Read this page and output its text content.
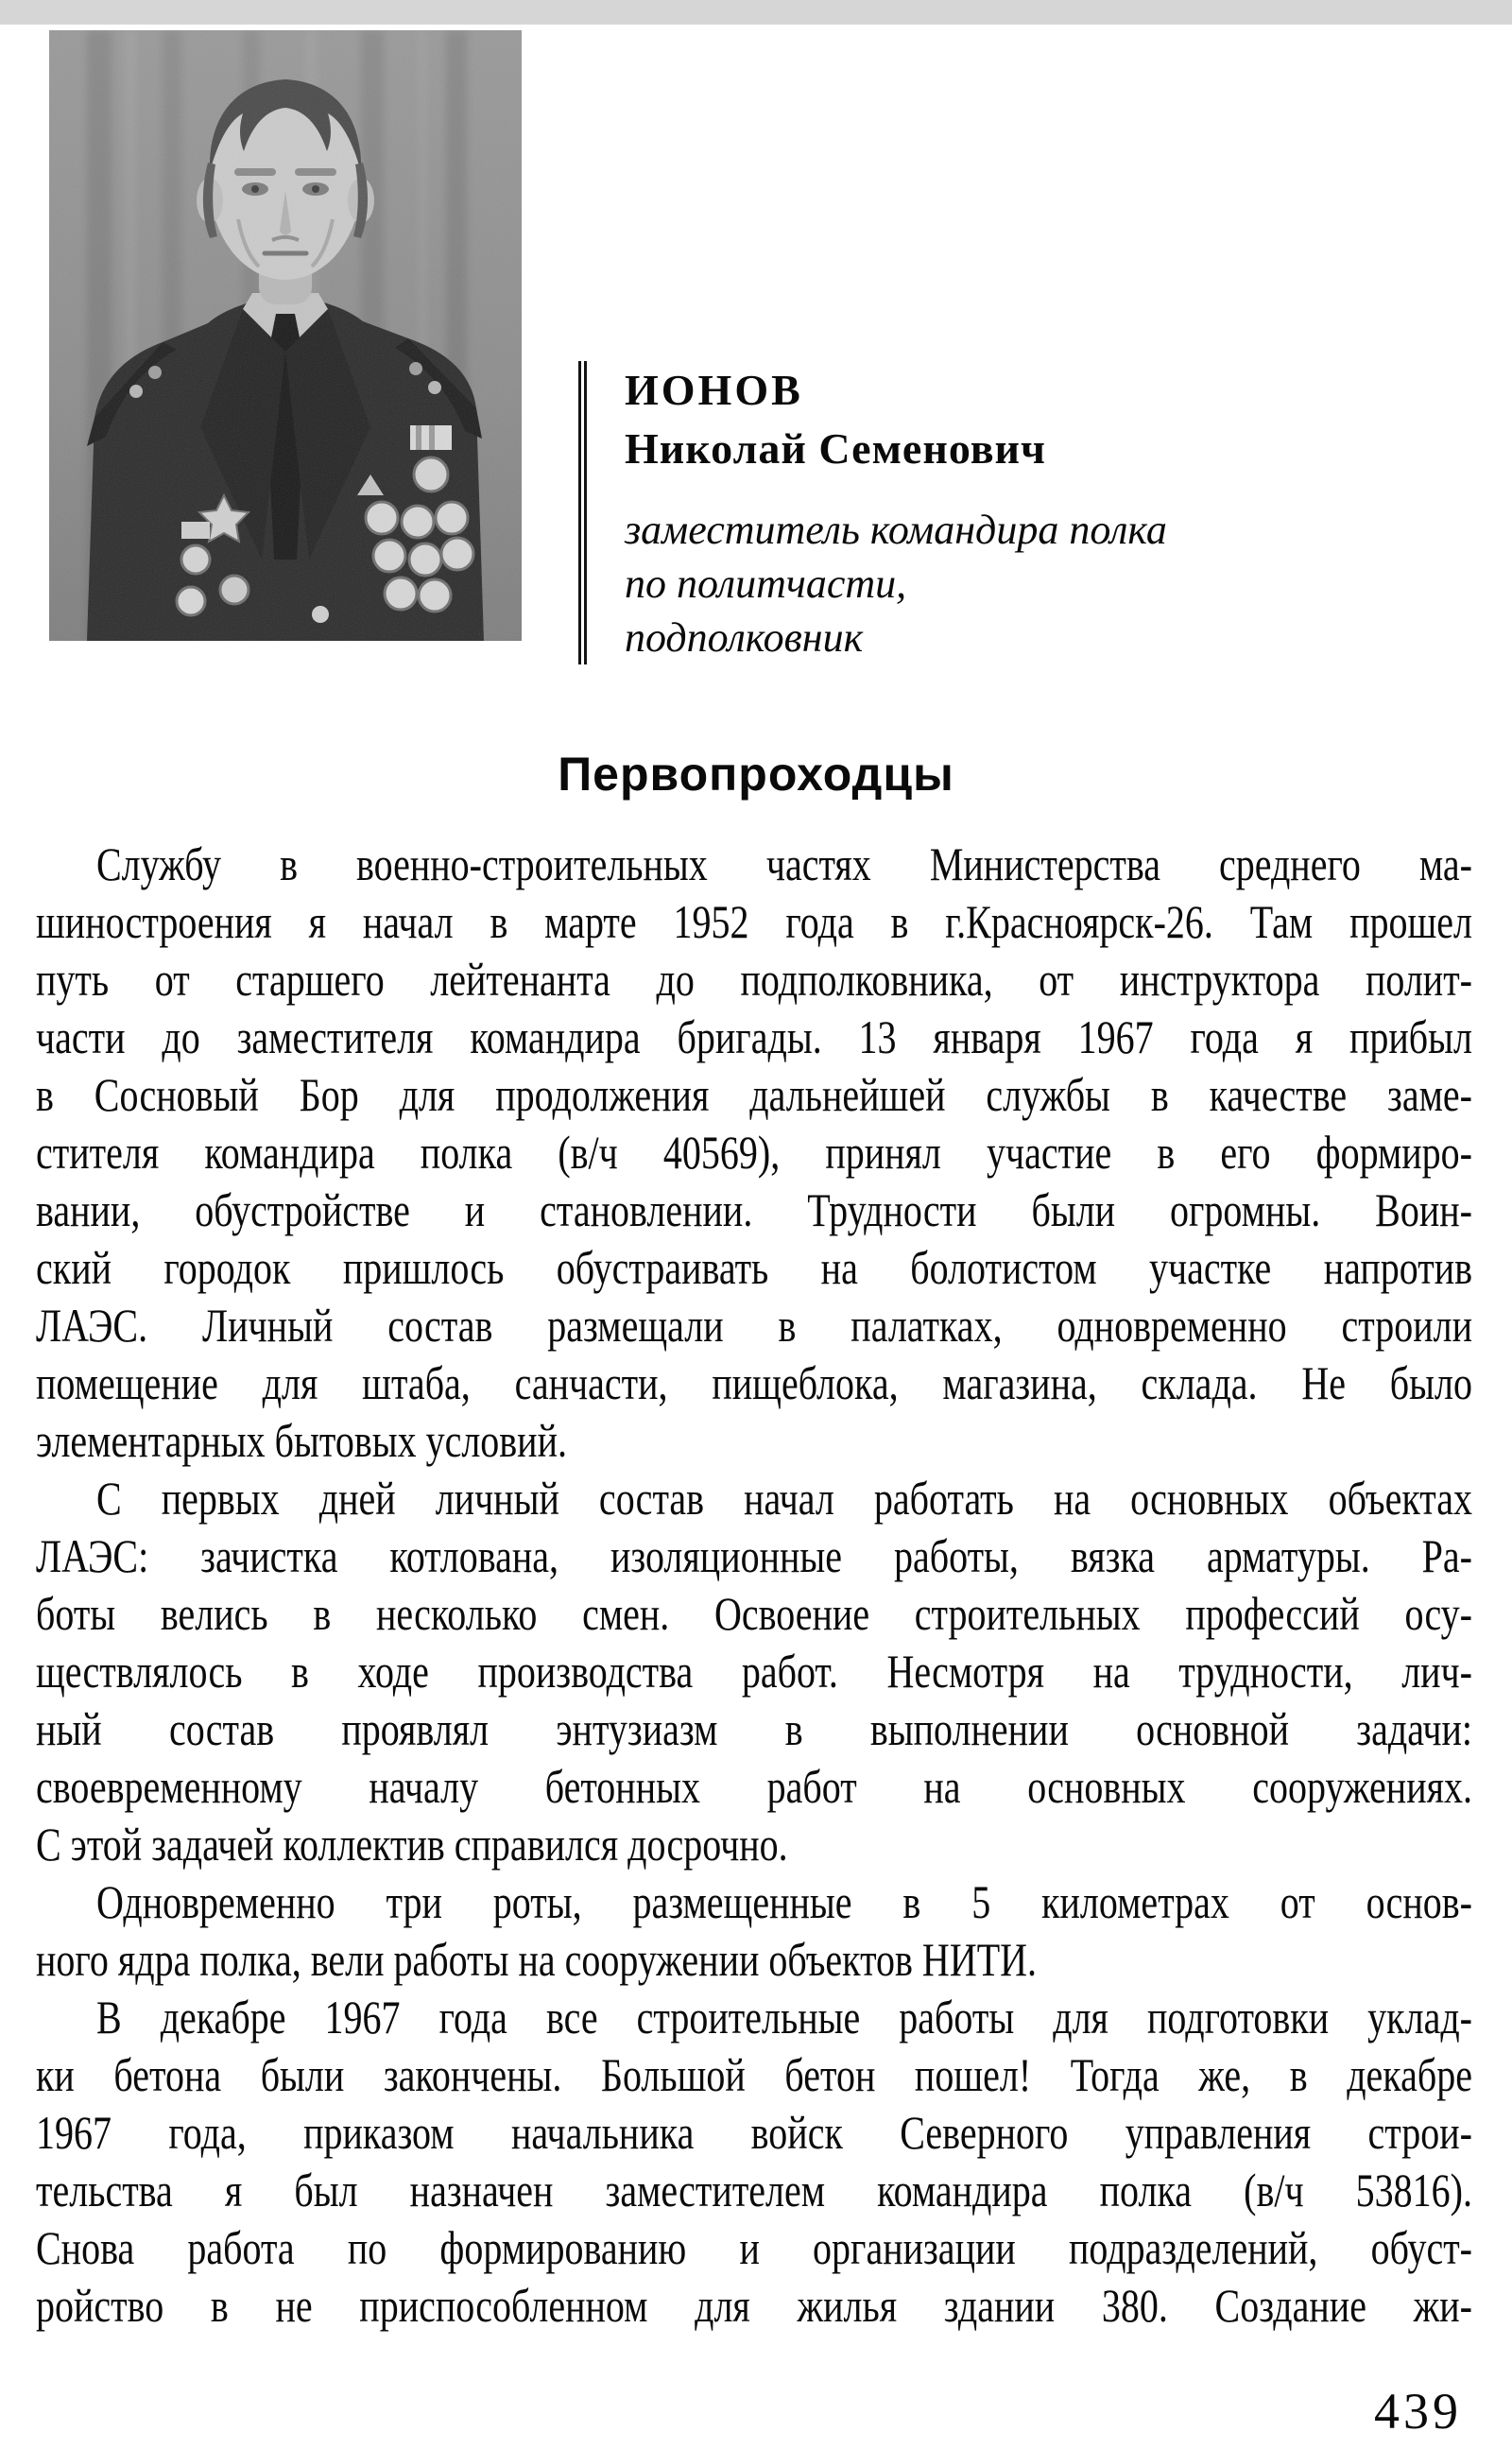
ИОНОВ
Николай Семенович
заместитель командира полка
по политчасти,
подполковник
Первопроходцы
Службу в военно-строительных частях Министерства среднего ма-
шиностроения я начал в марте 1952 года в г.Красноярск-26. Там прошел
путь от старшего лейтенанта до подполковника, от инструктора полит-
части до заместителя командира бригады. 13 января 1967 года я прибыл
в Сосновый Бор для продолжения дальнейшей службы в качестве заме-
стителя командира полка (в/ч 40569), принял участие в его формиро-
вании, обустройстве и становлении. Трудности были огромны. Воин-
ский городок пришлось обустраивать на болотистом участке напротив
ЛАЭС. Личный состав размещали в палатках, одновременно строили
помещение для штаба, санчасти, пищеблока, магазина, склада. Не было
элементарных бытовых условий.
С первых дней личный состав начал работать на основных объектах
ЛАЭС: зачистка котлована, изоляционные работы, вязка арматуры. Ра-
боты велись в несколько смен. Освоение строительных профессий осу-
ществлялось в ходе производства работ. Несмотря на трудности, лич-
ный состав проявлял энтузиазм в выполнении основной задачи:
своевременному началу бетонных работ на основных сооружениях.
С этой задачей коллектив справился досрочно.
Одновременно три роты, размещенные в 5 километрах от основ-
ного ядра полка, вели работы на сооружении объектов НИТИ.
В декабре 1967 года все строительные работы для подготовки уклад-
ки бетона были закончены. Большой бетон пошел! Тогда же, в декабре
1967 года, приказом начальника войск Северного управления строи-
тельства я был назначен заместителем командира полка (в/ч 53816).
Снова работа по формированию и организации подразделений, обуст-
ройство в не приспособленном для жилья здании 380. Создание жи-
439
